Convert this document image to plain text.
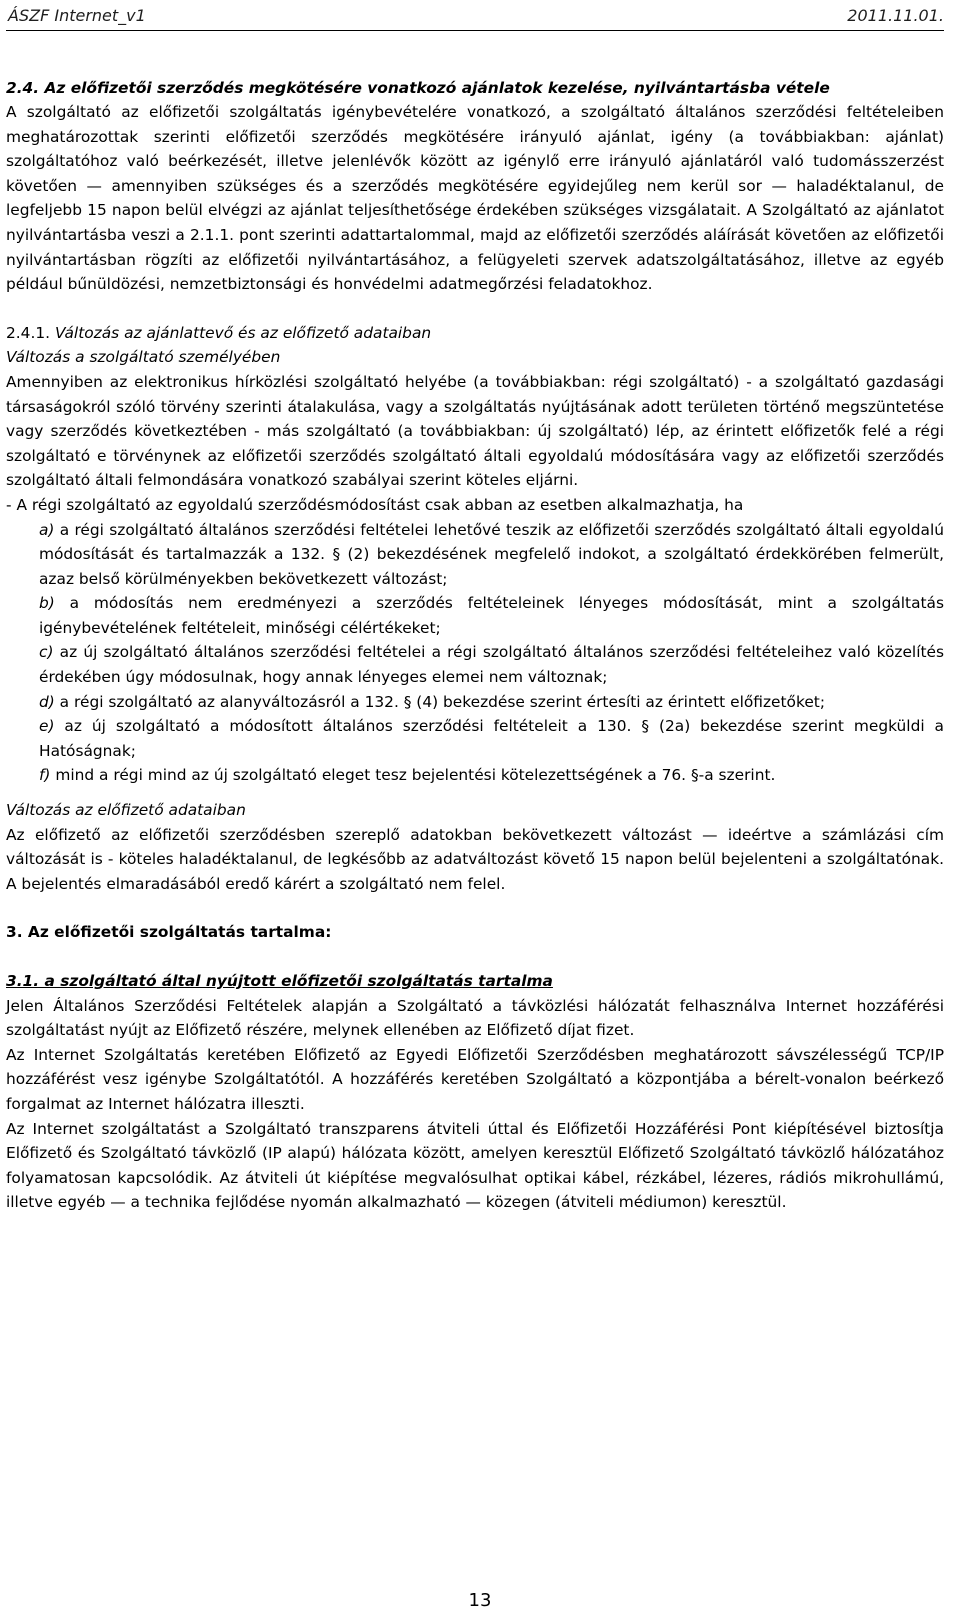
ÁSZF Internet_v1	2011.11.01.

2.4. Az előfizetői szerződés megkötésére vonatkozó ajánlatok kezelése, nyilvántartásba vétele

A szolgáltató az előfizetői szolgáltatás igénybevételére vonatkozó, a szolgáltató általános szerződési feltételeiben meghatározottak szerinti előfizetői szerződés megkötésére irányuló ajánlat, igény (a továbbiakban: ajánlat) szolgáltatóhoz való beérkezését, illetve jelenlévők között az igénylő erre irányuló ajánlatáról való tudomásszerzést követően — amennyiben szükséges és a szerződés megkötésére egyidejűleg nem kerül sor — haladéktalanul, de legfeljebb 15 napon belül elvégzi az ajánlat teljesíthetősége érdekében szükséges vizsgálatait. A Szolgáltató az ajánlatot nyilvántartásba veszi a 2.1.1. pont szerinti adattartalommal, majd az előfizetői szerződés aláírását követően az előfizetői nyilvántartásban rögzíti az előfizetői nyilvántartásához, a felügyeleti szervek adatszolgáltatásához, illetve az egyéb például bűnüldözési, nemzetbiztonsági és honvédelmi adatmegőrzési feladatokhoz.

2.4.1. Változás az ajánlattevő és az előfizető adataiban

Változás a szolgáltató személyében

Amennyiben az elektronikus hírközlési szolgáltató helyébe (a továbbiakban: régi szolgáltató) - a szolgáltató gazdasági társaságokról szóló törvény szerinti átalakulása, vagy a szolgáltatás nyújtásának adott területen történő megszüntetése vagy szerződés következtében - más szolgáltató (a továbbiakban: új szolgáltató) lép, az érintett előfizetők felé a régi szolgáltató e törvénynek az előfizetői szerződés szolgáltató általi egyoldalú módosítására vagy az előfizetői szerződés szolgáltató általi felmondására vonatkozó szabályai szerint köteles eljárni.

- A régi szolgáltató az egyoldalú szerződésmódosítást csak abban az esetben alkalmazhatja, ha

a) a régi szolgáltató általános szerződési feltételei lehetővé teszik az előfizetői szerződés szolgáltató általi egyoldalú módosítását és tartalmazzák a 132. § (2) bekezdésének megfelelő indokot, a szolgáltató érdekkörében felmerült, azaz belső körülményekben bekövetkezett változást;
b) a módosítás nem eredményezi a szerződés feltételeinek lényeges módosítását, mint a szolgáltatás igénybevételének feltételeit, minőségi célértékeket;
c) az új szolgáltató általános szerződési feltételei a régi szolgáltató általános szerződési feltételeihez való közelítés érdekében úgy módosulnak, hogy annak lényeges elemei nem változnak;
d) a régi szolgáltató az alanyváltozásról a 132. § (4) bekezdése szerint értesíti az érintett előfizetőket;
e) az új szolgáltató a módosított általános szerződési feltételeit a 130. § (2a) bekezdése szerint megküldi a Hatóságnak;
f) mind a régi mind az új szolgáltató eleget tesz bejelentési kötelezettségének a 76. §-a szerint.

Változás az előfizető adataiban

Az előfizető az előfizetői szerződésben szereplő adatokban bekövetkezett változást — ideértve a számlázási cím változását is - köteles haladéktalanul, de legkésőbb az adatváltozást követő 15 napon belül bejelenteni a szolgáltatónak. A bejelentés elmaradásából eredő kárért a szolgáltató nem felel.

3. Az előfizetői szolgáltatás tartalma:

3.1. a szolgáltató által nyújtott előfizetői szolgáltatás tartalma

Jelen Általános Szerződési Feltételek alapján a Szolgáltató a távközlési hálózatát felhasználva Internet hozzáférési szolgáltatást nyújt az Előfizető részére, melynek ellenében az Előfizető díjat fizet.

Az Internet Szolgáltatás keretében Előfizető az Egyedi Előfizetői Szerződésben meghatározott sávszélességű TCP/IP hozzáférést vesz igénybe Szolgáltatótól. A hozzáférés keretében Szolgáltató a központjába a bérelt-vonalon beérkező forgalmat az Internet hálózatra illeszti.

Az Internet szolgáltatást a Szolgáltató transzparens átviteli úttal és Előfizetői Hozzáférési Pont kiépítésével biztosítja Előfizető és Szolgáltató távközlő (IP alapú) hálózata között, amelyen keresztül Előfizető Szolgáltató távközlő hálózatához folyamatosan kapcsolódik. Az átviteli út kiépítése megvalósulhat optikai kábel, rézkábel, lézeres, rádiós mikrohullámú, illetve egyéb — a technika fejlődése nyomán alkalmazható — közegen (átviteli médiumon) keresztül.

13
